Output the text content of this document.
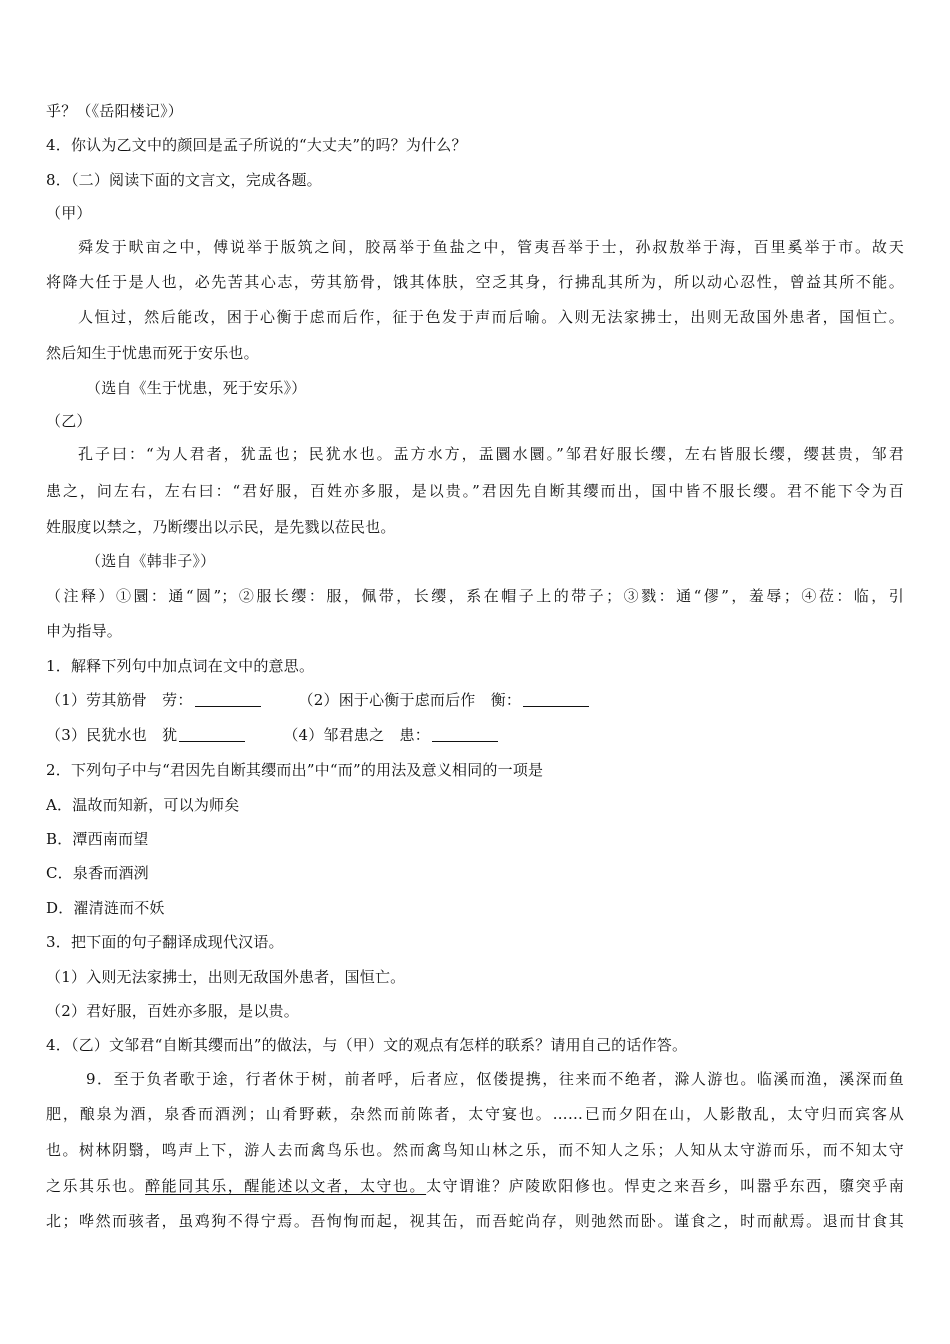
乎？（《岳阳楼记》）
4．你认为乙文中的颜回是孟子所说的“大丈夫”的吗？为什么？
8．（二）阅读下面的文言文，完成各题。
（甲）
舜发于畎亩之中，傅说举于版筑之间，胶鬲举于鱼盐之中，管夷吾举于士，孙叔敖举于海，百里奚举于市。故天
将降大任于是人也，必先苦其心志，劳其筋骨，饿其体肤，空乏其身，行拂乱其所为，所以动心忍性，曾益其所不能。
人恒过，然后能改，困于心衡于虑而后作，征于色发于声而后喻。入则无法家拂士，出则无敌国外患者，国恒亡。
然后知生于忧患而死于安乐也。
（选自《生于忧患，死于安乐》）
（乙）
孔子曰：“为人君者，犹盂也；民犹水也。盂方水方，盂圜水圜。”邹君好服长缨，左右皆服长缨，缨甚贵，邹君
患之，问左右，左右曰：“君好服，百姓亦多服，是以贵。”君因先自断其缨而出，国中皆不服长缨。君不能下令为百
姓服度以禁之，乃断缨出以示民，是先戮以莅民也。
（选自《韩非子》）
（注释）①圜：通“圆”；②服长缨：服，佩带，长缨，系在帽子上的带子；③戮：通“僇”，羞辱；④莅：临，引
申为指导。
1．解释下列句中加点词在文中的意思。
（1）劳其筋骨　劳：	（2）困于心衡于虑而后作　衡：
（3）民犹水也　犹	（4）邹君患之　患：
2．下列句子中与“君因先自断其缨而出”中“而”的用法及意义相同的一项是
A．温故而知新，可以为师矣
B．潭西南而望
C．泉香而酒洌
D．濯清涟而不妖
3．把下面的句子翻译成现代汉语。
（1）入则无法家拂士，出则无敌国外患者，国恒亡。
（2）君好服，百姓亦多服，是以贵。
4．（乙）文邹君“自断其缨而出”的做法，与（甲）文的观点有怎样的联系？请用自己的话作答。
9．至于负者歌于途，行者休于树，前者呼，后者应，伛偻提携，往来而不绝者，滁人游也。临溪而渔，溪深而鱼
肥，酿泉为酒，泉香而酒洌；山肴野蔌，杂然而前陈者，太守宴也。……已而夕阳在山，人影散乱，太守归而宾客从
也。树林阴翳，鸣声上下，游人去而禽鸟乐也。然而禽鸟知山林之乐，而不知人之乐；人知从太守游而乐，而不知太守
之乐其乐也。醉能同其乐，醒能述以文者，太守也。太守谓谁？庐陵欧阳修也。悍吏之来吾乡，叫嚣乎东西，隳突乎南
北；哗然而骇者，虽鸡狗不得宁焉。吾恂恂而起，视其缶，而吾蛇尚存，则弛然而卧。谨食之，时而献焉。退而甘食其
